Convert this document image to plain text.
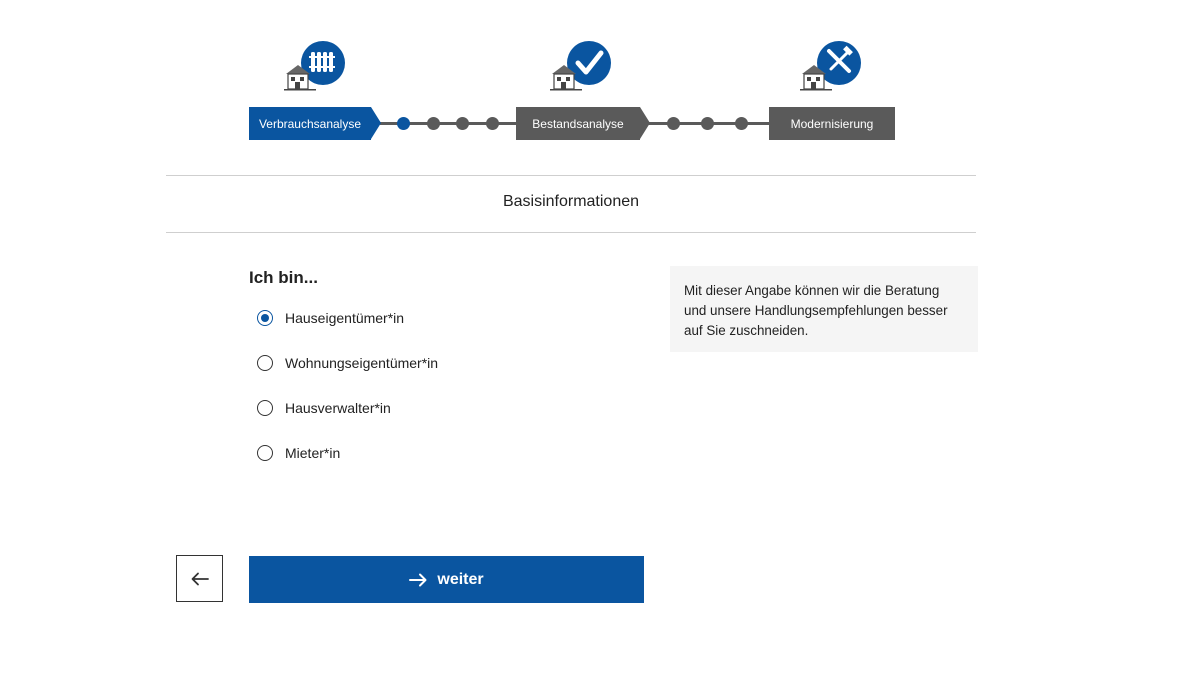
Verbrauchsanalyse	Bestandsanalyse	Modernisierung
Basisinformationen
Ich bin...
Hauseigentümer*in
Wohnungseigentümer*in
Hausverwalter*in
Mieter*in
Mit dieser Angabe können wir die Beratung und unsere Handlungsempfehlungen besser auf Sie zuschneiden.
weiter
